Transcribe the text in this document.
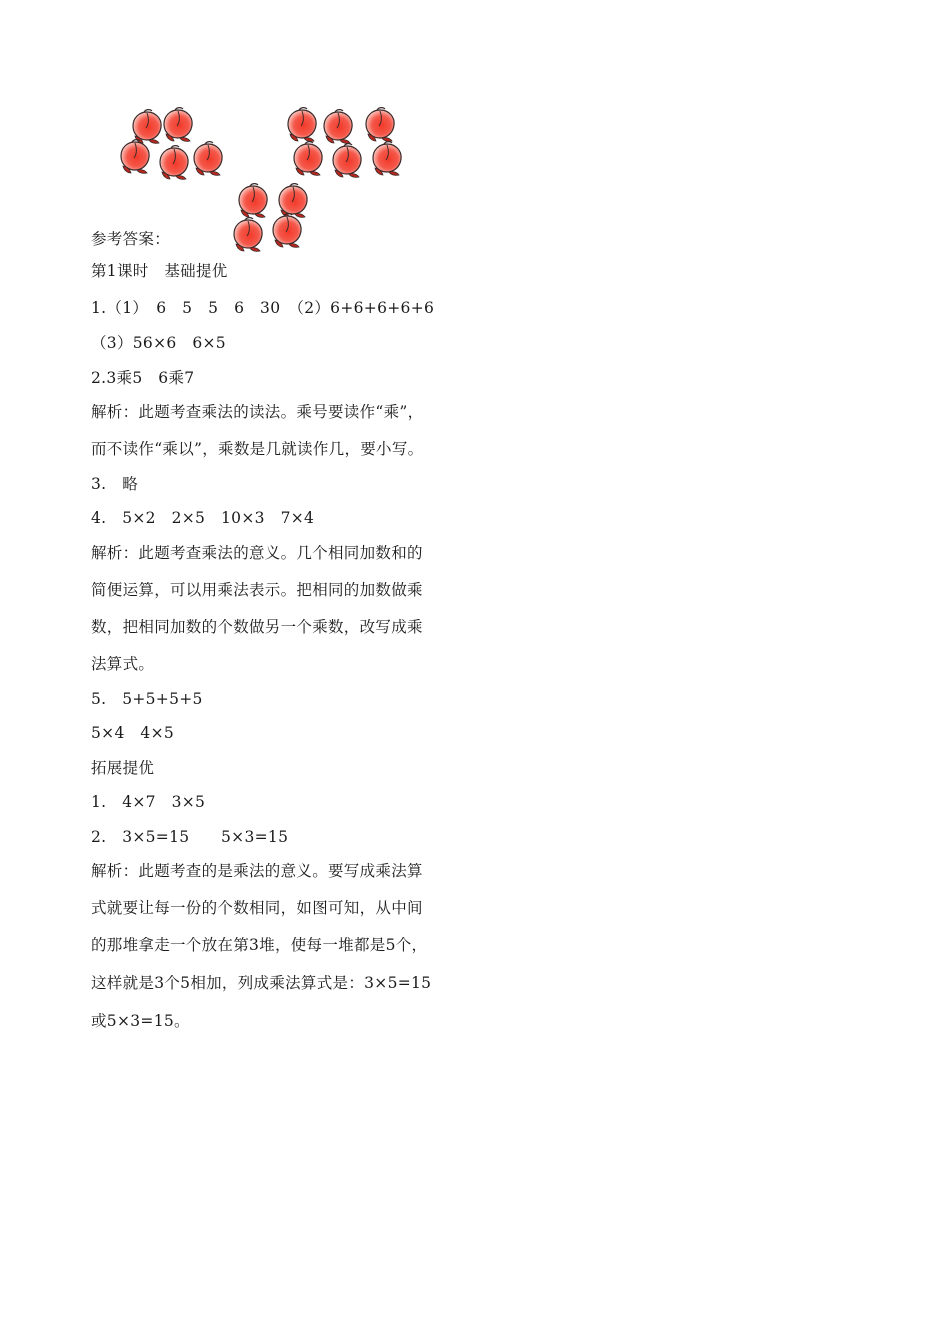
参考答案：
第1课时　基础提优
1.（1）　6　5　5　6　30　（2）6+6+6+6+6
（3）56×6　6×5
2.3乘5　6乘7
解析：此题考查乘法的读法。乘号要读作“乘”，
而不读作“乘以”，乘数是几就读作几，要小写。
3.　略
4.　5×2　2×5　10×3　7×4
解析：此题考查乘法的意义。几个相同加数和的
简便运算，可以用乘法表示。把相同的加数做乘
数，把相同加数的个数做另一个乘数，改写成乘
法算式。
5.　5+5+5+5
5×4　4×5
拓展提优
1.　4×7　3×5
2.　3×5=15　　5×3=15
解析：此题考查的是乘法的意义。要写成乘法算
式就要让每一份的个数相同，如图可知，从中间
的那堆拿走一个放在第3堆，使每一堆都是5个，
这样就是3个5相加，列成乘法算式是：3×5=15
或5×3=15。
